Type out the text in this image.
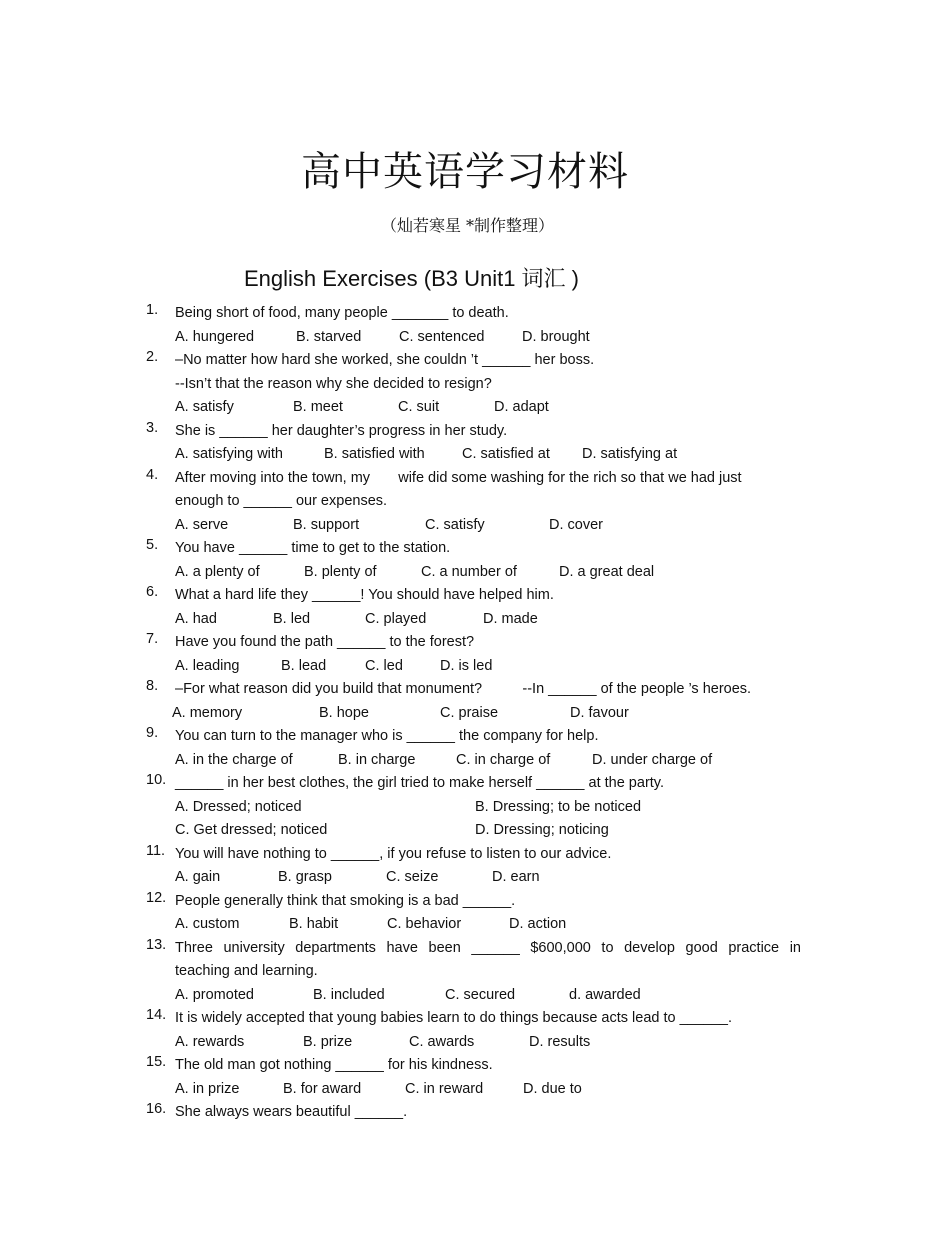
高中英语学习材料
（灿若寒星 *制作整理）
English Exercises (B3 Unit1 词汇 )
1.	Being short of food, many people _______ to death.
A. hungered	B. starved	C. sentenced	D. brought
2.	–No matter how hard she worked, she couldn ’t ______ her boss.
--Isn’t that the reason why she decided to resign?
A. satisfy	B. meet	C. suit	D. adapt
3.	She is ______ her daughter’s progress in her study.
A. satisfying with	B. satisfied with	C. satisfied at	D. satisfying at
4.	After moving into the town, my       wife did some washing for the rich so that we had just
enough to ______ our expenses.
A. serve	B. support	C. satisfy	D. cover
5.	You have ______ time to get to the station.
A. a plenty of	B. plenty of	C. a number of	D. a great deal
6.	What a hard life they ______! You should have helped him.
A. had	B. led	C. played	D. made
7.	Have you found the path ______ to the forest?
A. leading	B. lead	C. led	D. is led
8.	–For what reason did you build that monument?          --In ______ of the people ’s heroes.
A. memory	B. hope	C. praise	D. favour
9.	You can turn to the manager who is ______ the company for help.
A. in the charge of	B. in charge	C. in charge of	D. under charge of
10. ______ in her best clothes, the girl tried to make herself ______ at the party.
A. Dressed; noticed	B. Dressing; to be noticed
C. Get dressed; noticed	D. Dressing; noticing
11. You will have nothing to ______, if you refuse to listen to our advice.
A. gain	B. grasp	C. seize	D. earn
12. People generally think that smoking is a bad ______.
A. custom	B. habit	C. behavior	D. action
13. Three university departments have been ______ $600,000 to develop good practice in
teaching and learning.
A. promoted	B. included	C. secured	d. awarded
14. It is widely accepted that young babies learn to do things because acts lead to ______.
A. rewards	B. prize	C. awards	D. results
15. The old man got nothing ______ for his kindness.
A. in prize	B. for award	C. in reward	D. due to
16. She always wears beautiful ______.
